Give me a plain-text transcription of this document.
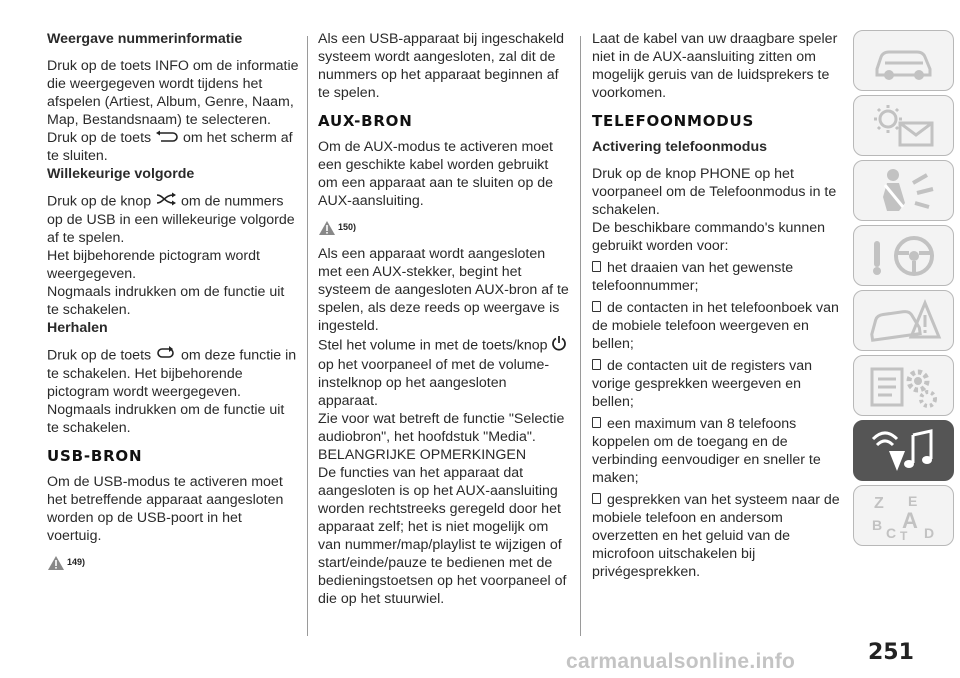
Weergave nummerinformatie

Druk op de toets INFO om de informatie die weergegeven wordt tijdens het afspelen (Artiest, Album, Genre, Naam, Map, Bestandsnaam) te selecteren.

Druk op de toets om het scherm af te sluiten.

Willekeurige volgorde

Druk op de knop om de nummers op de USB in een willekeurige volgorde af te spelen.

Het bijbehorende pictogram wordt weergegeven.

Nogmaals indrukken om de functie uit te schakelen.

Herhalen

Druk op de toets om deze functie in te schakelen. Het bijbehorende pictogram wordt weergegeven.

Nogmaals indrukken om de functie uit te schakelen.

USB-BRON

Om de USB-modus te activeren moet het betreffende apparaat aangesloten worden op de USB-poort in het voertuig.

149)

Als een USB-apparaat bij ingeschakeld systeem wordt aangesloten, zal dit de nummers op het apparaat beginnen af te spelen.

AUX-BRON

Om de AUX-modus te activeren moet een geschikte kabel worden gebruikt om een apparaat aan te sluiten op de AUX-aansluiting.

150)

Als een apparaat wordt aangesloten met een AUX-stekker, begint het systeem de aangesloten AUX-bron af te spelen, als deze reeds op weergave is ingesteld.

Stel het volume in met de toets/knop  op het voorpaneel of met de volume-instelknop op het aangesloten apparaat.

Zie voor wat betreft de functie "Selectie audiobron", het hoofdstuk "Media".

BELANGRIJKE OPMERKINGEN

De functies van het apparaat dat aangesloten is op het AUX-aansluiting worden rechtstreeks geregeld door het apparaat zelf; het is niet mogelijk om van nummer/map/playlist te wijzigen of start/einde/pauze te bedienen met de bedieningstoetsen op het voorpaneel of die op het stuurwiel.

Laat de kabel van uw draagbare speler niet in de AUX-aansluiting zitten om mogelijk geruis van de luidsprekers te voorkomen.

TELEFOONMODUS

Activering telefoonmodus

Druk op de knop PHONE op het voorpaneel om de Telefoonmodus in te schakelen.

De beschikbare commando's kunnen gebruikt worden voor:

het draaien van het gewenste telefoonnummer;

de contacten in het telefoonboek van de mobiele telefoon weergeven en bellen;

de contacten uit de registers van vorige gesprekken weergeven en bellen;

een maximum van 8 telefoons koppelen om de toegang en de verbinding eenvoudiger en sneller te maken;

gesprekken van het systeem naar de mobiele telefoon en andersom overzetten en het geluid van de microfoon uitschakelen bij privégesprekken.

Z E
B A
C T D
251
carmanualsonline.info
